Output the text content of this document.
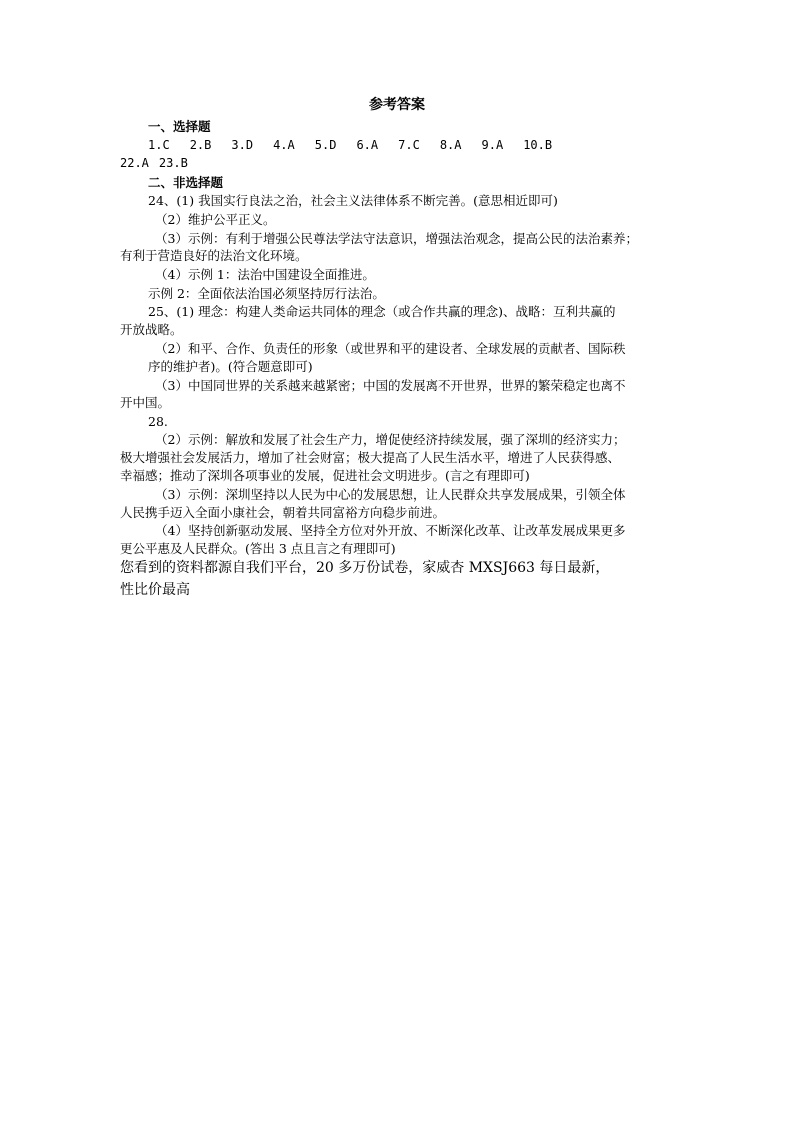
参考答案
一、选择题
1.C 2.B 3.D 4.A 5.D 6.A 7.C 8.A 9.A 10.B
22.A 23.B
二、非选择题
24、(1) 我国实行良法之治，社会主义法律体系不断完善。(意思相近即可)
（2）维护公平正义。
（3）示例：有利于增强公民尊法学法守法意识，增强法治观念，提高公民的法治素养；
有利于营造良好的法治文化环境。
（4）示例 1：法治中国建设全面推进。
示例 2：全面依法治国必须坚持厉行法治。
25、(1) 理念：构建人类命运共同体的理念（或合作共赢的理念)、战略：互利共赢的
开放战略。
（2）和平、合作、负责任的形象（或世界和平的建设者、全球发展的贡献者、国际秩
序的维护者)。(符合题意即可)
（3）中国同世界的关系越来越紧密；中国的发展离不开世界，世界的繁荣稳定也离不
开中国。
28.
（2）示例：解放和发展了社会生产力，增促使经济持续发展，强了深圳的经济实力；
极大增强社会发展活力，增加了社会财富；极大提高了人民生活水平，增进了人民获得感、
幸福感；推动了深圳各项事业的发展，促进社会文明进步。(言之有理即可)
（3）示例：深圳坚持以人民为中心的发展思想，让人民群众共享发展成果，引领全体
人民携手迈入全面小康社会，朝着共同富裕方向稳步前进。
（4）坚持创新驱动发展、坚持全方位对外开放、不断深化改革、让改革发展成果更多
更公平惠及人民群众。(答出 3 点且言之有理即可)
您看到的资料都源自我们平台，20 多万份试卷，家威杏 MXSJ663 每日最新，
性比价最高
